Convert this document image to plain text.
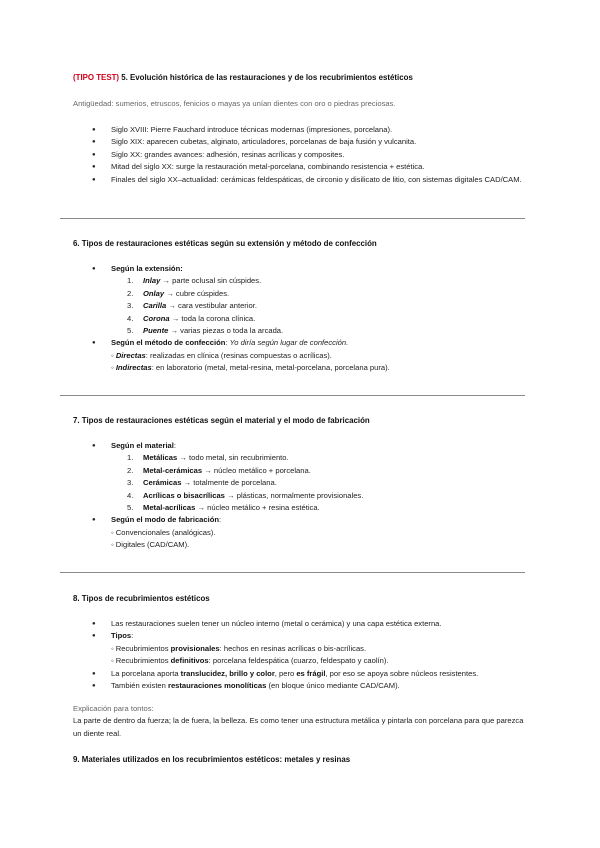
(TIPO TEST) 5. Evolución histórica de las restauraciones y de los recubrimientos estéticos
Antigüedad: sumerios, etruscos, fenicios o mayas ya unían dientes con oro o piedras preciosas.
● Siglo XVIII: Pierre Fauchard introduce técnicas modernas (impresiones, porcelana).
● Siglo XIX: aparecen cubetas, alginato, articuladores, porcelanas de baja fusión y vulcanita.
● Siglo XX: grandes avances: adhesión, resinas acrílicas y composites.
● Mitad del siglo XX: surge la restauración metal-porcelana, combinando resistencia + estética.
● Finales del siglo XX–actualidad: cerámicas feldespáticas, de circonio y disilicato de litio, con sistemas digitales CAD/CAM.
6. Tipos de restauraciones estéticas según su extensión y método de confección
● Según la extensión:
1. Inlay → parte oclusal sin cúspides.
2. Onlay → cubre cúspides.
3. Carilla → cara vestibular anterior.
4. Corona → toda la corona clínica.
5. Puente → varias piezas o toda la arcada.
● Según el método de confección: Yo diría según lugar de confección.
◦ Directas: realizadas en clínica (resinas compuestas o acrílicas).
◦ Indirectas: en laboratorio (metal, metal-resina, metal-porcelana, porcelana pura).
7. Tipos de restauraciones estéticas según el material y el modo de fabricación
● Según el material:
1. Metálicas → todo metal, sin recubrimiento.
2. Metal-cerámicas → núcleo metálico + porcelana.
3. Cerámicas → totalmente de porcelana.
4. Acrílicas o bisacrílicas → plásticas, normalmente provisionales.
5. Metal-acrílicas → núcleo metálico + resina estética.
● Según el modo de fabricación:
◦ Convencionales (analógicas).
◦ Digitales (CAD/CAM).
8. Tipos de recubrimientos estéticos
● Las restauraciones suelen tener un núcleo interno (metal o cerámica) y una capa estética externa.
● Tipos:
◦ Recubrimientos provisionales: hechos en resinas acrílicas o bis-acrílicas.
◦ Recubrimientos definitivos: porcelana feldespática (cuarzo, feldespato y caolín).
● La porcelana aporta translucidez, brillo y color, pero es frágil, por eso se apoya sobre núcleos resistentes.
● También existen restauraciones monolíticas (en bloque único mediante CAD/CAM).
Explicación para tontos:
La parte de dentro da fuerza; la de fuera, la belleza. Es como tener una estructura metálica y pintarla con porcelana para que parezca un diente real.
9. Materiales utilizados en los recubrimientos estéticos: metales y resinas
